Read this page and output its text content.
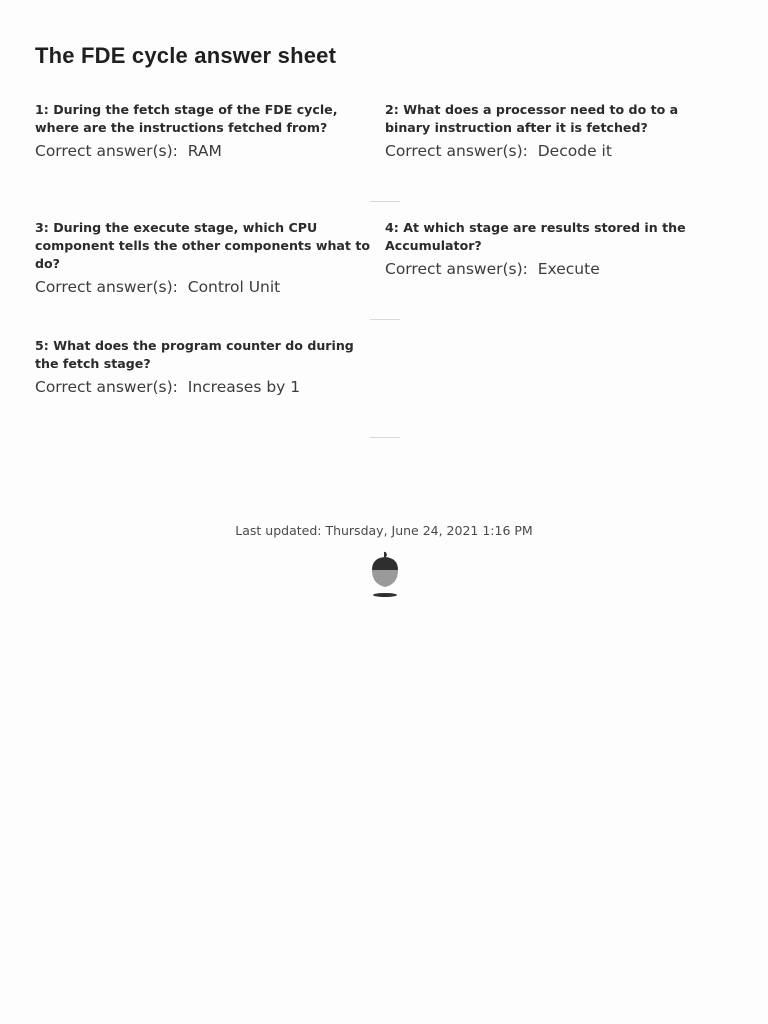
The FDE cycle answer sheet
1: During the fetch stage of the FDE cycle, where are the instructions fetched from?
Correct answer(s): RAM
2: What does a processor need to do to a binary instruction after it is fetched?
Correct answer(s): Decode it
3: During the execute stage, which CPU component tells the other components what to do?
Correct answer(s): Control Unit
4: At which stage are results stored in the Accumulator?
Correct answer(s): Execute
5: What does the program counter do during the fetch stage?
Correct answer(s): Increases by 1
Last updated: Thursday, June 24, 2021 1:16 PM
